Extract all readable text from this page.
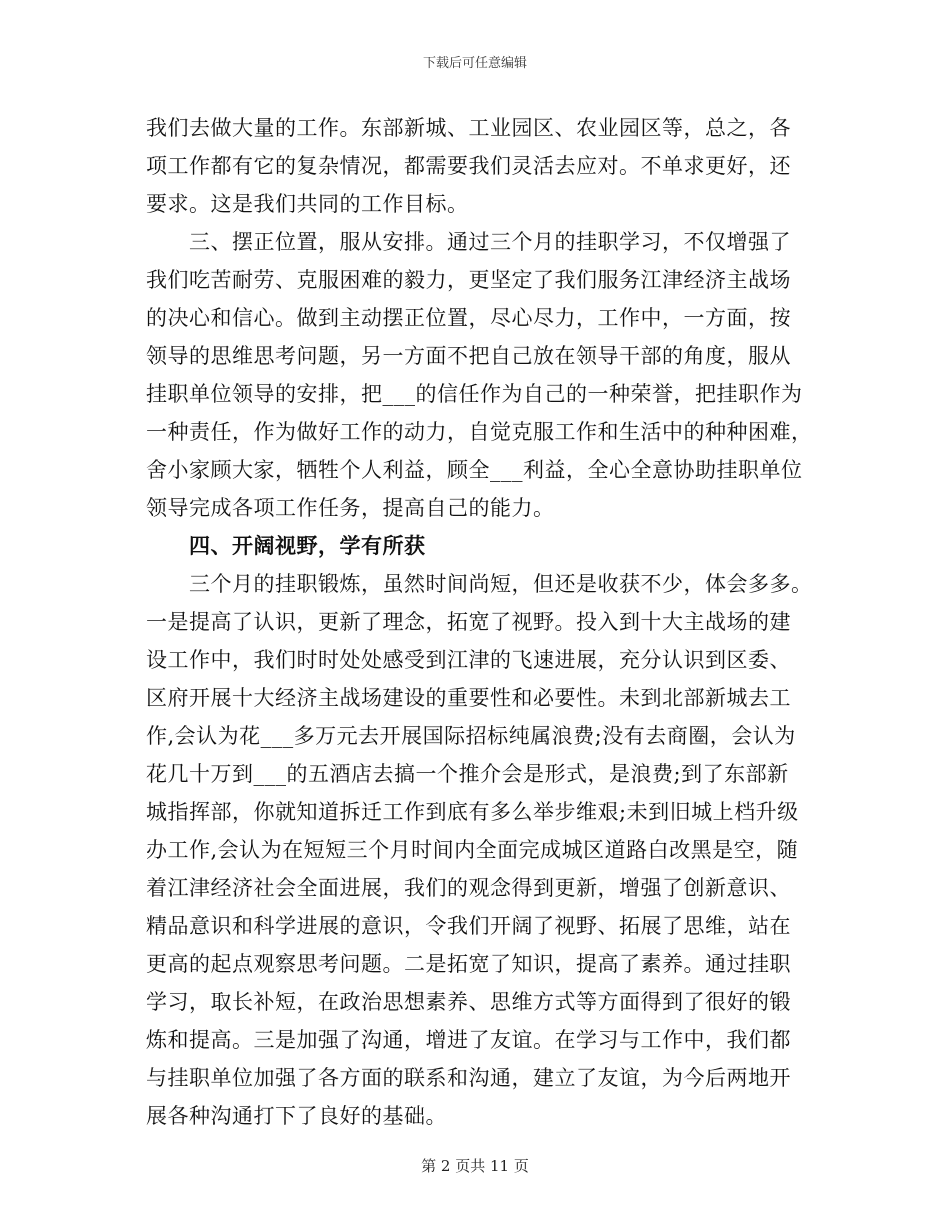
下载后可任意编辑
我们去做大量的工作。东部新城、工业园区、农业园区等，总之，各
项工作都有它的复杂情况，都需要我们灵活去应对。不单求更好，还
要求。这是我们共同的工作目标。
三、摆正位置，服从安排。通过三个月的挂职学习，不仅增强了
我们吃苦耐劳、克服困难的毅力，更坚定了我们服务江津经济主战场
的决心和信心。做到主动摆正位置，尽心尽力，工作中，一方面，按
领导的思维思考问题，另一方面不把自己放在领导干部的角度，服从
挂职单位领导的安排，把___的信任作为自己的一种荣誉，把挂职作为
一种责任，作为做好工作的动力，自觉克服工作和生活中的种种困难，
舍小家顾大家，牺牲个人利益，顾全___利益，全心全意协助挂职单位
领导完成各项工作任务，提高自己的能力。
四、开阔视野，学有所获
三个月的挂职锻炼，虽然时间尚短，但还是收获不少，体会多多。
一是提高了认识，更新了理念，拓宽了视野。投入到十大主战场的建
设工作中，我们时时处处感受到江津的飞速进展，充分认识到区委、
区府开展十大经济主战场建设的重要性和必要性。未到北部新城去工
作,会认为花___多万元去开展国际招标纯属浪费;没有去商圈，会认为
花几十万到___的五酒店去搞一个推介会是形式，是浪费;到了东部新
城指挥部，你就知道拆迁工作到底有多么举步维艰;未到旧城上档升级
办工作,会认为在短短三个月时间内全面完成城区道路白改黑是空，随
着江津经济社会全面进展，我们的观念得到更新，增强了创新意识、
精品意识和科学进展的意识，令我们开阔了视野、拓展了思维，站在
更高的起点观察思考问题。二是拓宽了知识，提高了素养。通过挂职
学习，取长补短，在政治思想素养、思维方式等方面得到了很好的锻
炼和提高。三是加强了沟通，增进了友谊。在学习与工作中，我们都
与挂职单位加强了各方面的联系和沟通，建立了友谊，为今后两地开
展各种沟通打下了良好的基础。
第 2 页共 11 页
